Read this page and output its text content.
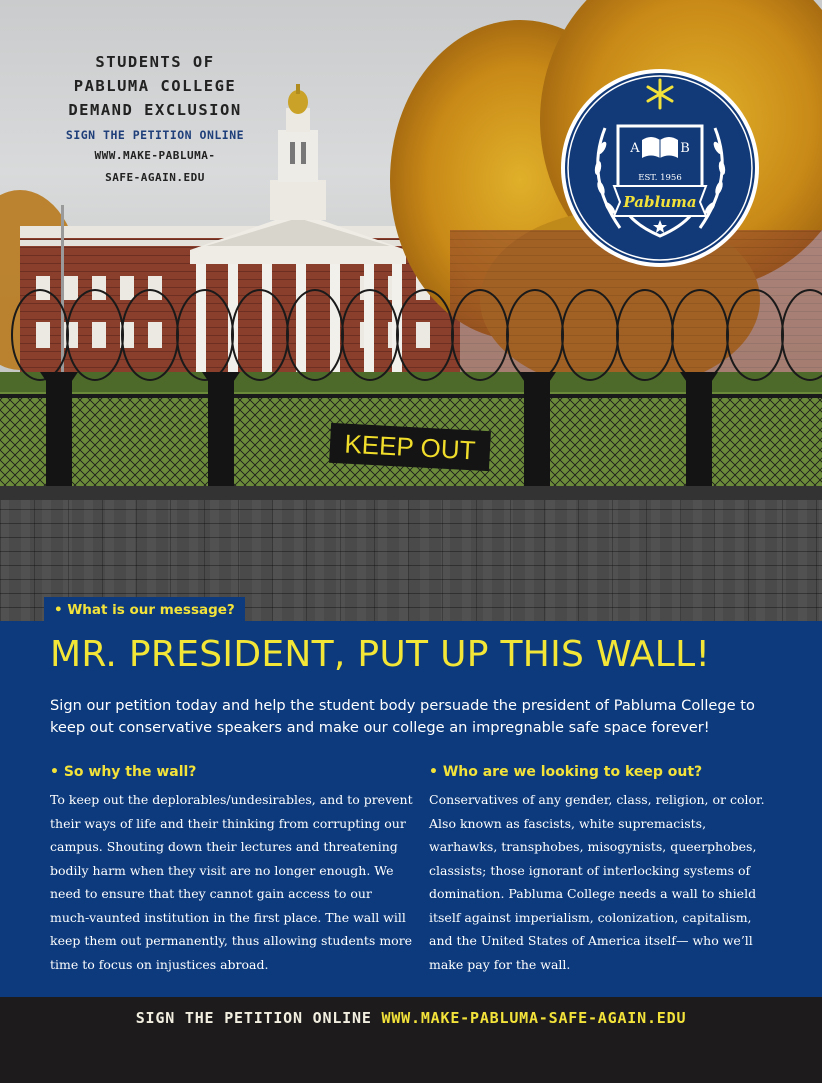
STUDENTS OF
PABLUMA COLLEGE
DEMAND EXCLUSION
SIGN THE PETITION ONLINE
WWW.MAKE-PABLUMA-
SAFE-AGAIN.EDU
A	B
EST. 1956
Pabluma
KEEP OUT
• What is our message?
MR. PRESIDENT, PUT UP THIS WALL!
Sign our petition today and help the student body persuade the president of Pabluma College to keep out conservative speakers and make our college an impregnable safe space forever!
• So why the wall?
To keep out the deplorables/undesirables, and to prevent their ways of life and their thinking from corrupting our campus. Shouting down their lectures and threatening bodily harm when they visit are no longer enough. We need to ensure that they cannot gain access to our much-vaunted institution in the first place. The wall will keep them out permanently, thus allowing students more time to focus on injustices abroad.
• Who are we looking to keep out?
Conservatives of any gender, class, religion, or color. Also known as fascists, white supremacists, warhawks, transphobes, misogynists, queerphobes, classists; those ignorant of interlocking systems of domination. Pabluma College needs a wall to shield itself against imperialism, colonization, capitalism, and the United States of America itself— who we’ll make pay for the wall.
SIGN THE PETITION ONLINE WWW.MAKE-PABLUMA-SAFE-AGAIN.EDU
